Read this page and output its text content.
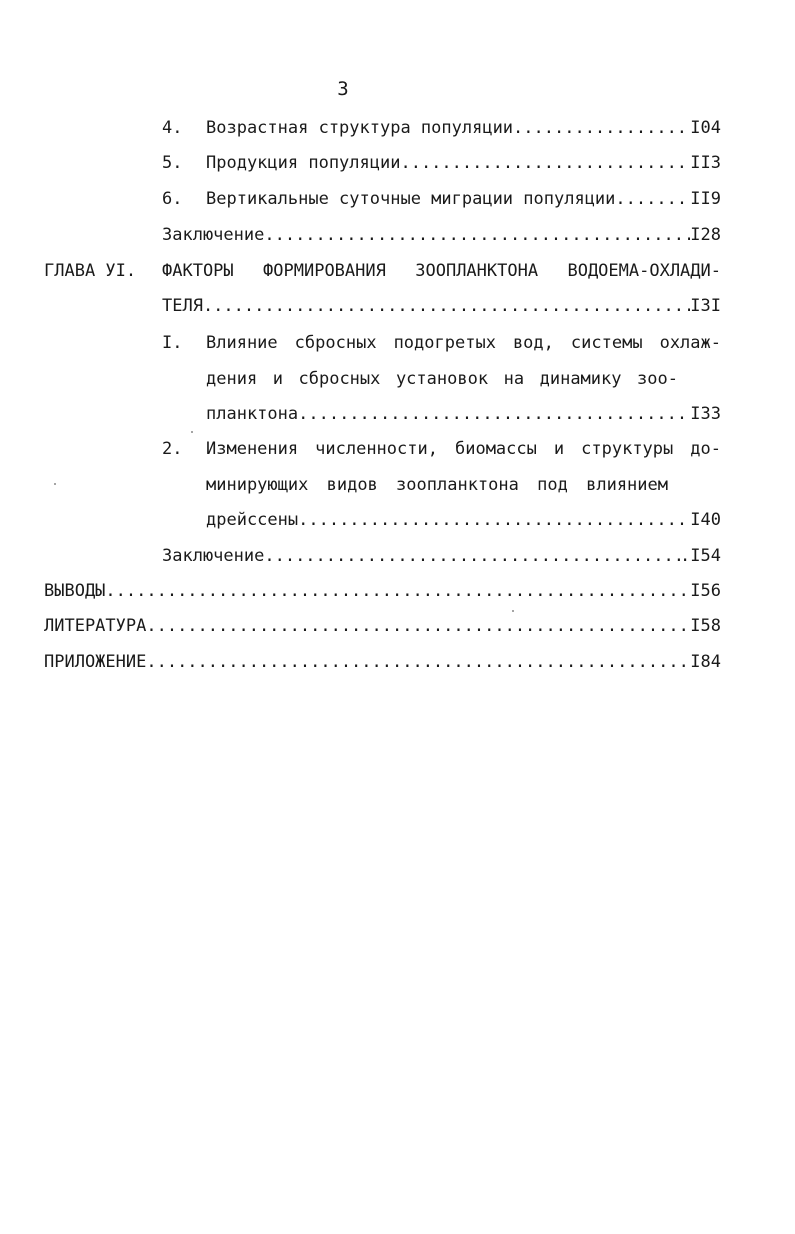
3
4. Возрастная структура популяции .....	I04
5. Продукция популяции .....	II3
6. Вертикальные суточные миграции популяции .....	II9
Заключение .....	I28
ГЛАВА УI. ФАКТОРЫ ФОРМИРОВАНИЯ ЗООПЛАНКТОНА ВОДОЕМА-ОХЛАДИ-
ТЕЛЯ.. .....	I3I
I. Влияние сбросных подогретых вод, системы охлаж-
дения и сбросных установок на динамику зоо-
планктона .....	I33
2. Изменения численности, биомассы и структуры до-
минирующих видов зоопланктона под влиянием
дрейссены .....	I40
Заключение .....	.I54
ВЫВОДЫ .....	I56
ЛИТЕРАТУРА .....	I58
ПРИЛОЖЕНИЕ .....	I84
